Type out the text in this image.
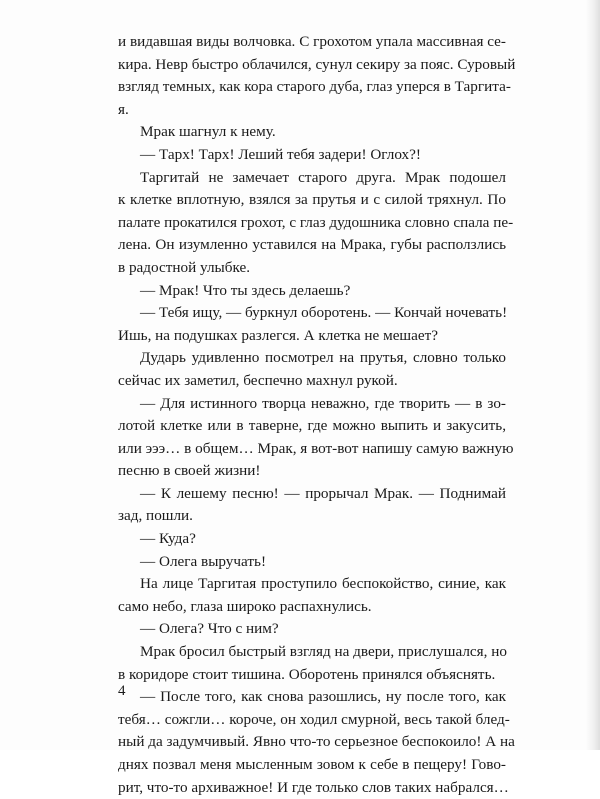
и видавшая виды волчовка. С грохотом упала массивная се-
кира. Невр быстро облачился, сунул секиру за пояс. Суровый
взгляд темных, как кора старого дуба, глаз уперся в Таргита-
я.
Мрак шагнул к нему.
— Тарх! Тарх! Леший тебя задери! Оглох?!
Таргитай не замечает старого друга. Мрак подошел
к клетке вплотную, взялся за прутья и с силой тряхнул. По
палате прокатился грохот, с глаз дудошника словно спала пе-
лена. Он изумленно уставился на Мрака, губы расползлись
в радостной улыбке.
— Мрак! Что ты здесь делаешь?
— Тебя ищу, — буркнул оборотень. — Кончай ночевать!
Ишь, на подушках разлегся. А клетка не мешает?
Дударь удивленно посмотрел на прутья, словно только
сейчас их заметил, беспечно махнул рукой.
— Для истинного творца неважно, где творить — в зо-
лотой клетке или в таверне, где можно выпить и закусить,
или эээ… в общем… Мрак, я вот-вот напишу самую важную
песню в своей жизни!
— К лешему песню! — прорычал Мрак. — Поднимай
зад, пошли.
— Куда?
— Олега выручать!
На лице Таргитая проступило беспокойство, синие, как
само небо, глаза широко распахнулись.
— Олега? Что с ним?
Мрак бросил быстрый взгляд на двери, прислушался, но
в коридоре стоит тишина. Оборотень принялся объяснять.
— После того, как снова разошлись, ну после того, как
тебя… сожгли… короче, он ходил смурной, весь такой блед-
ный да задумчивый. Явно что-то серьезное беспокоило! А на
днях позвал меня мысленным зовом к себе в пещеру! Гово-
рит, что-то архиважное! И где только слов таких набрался…
4
